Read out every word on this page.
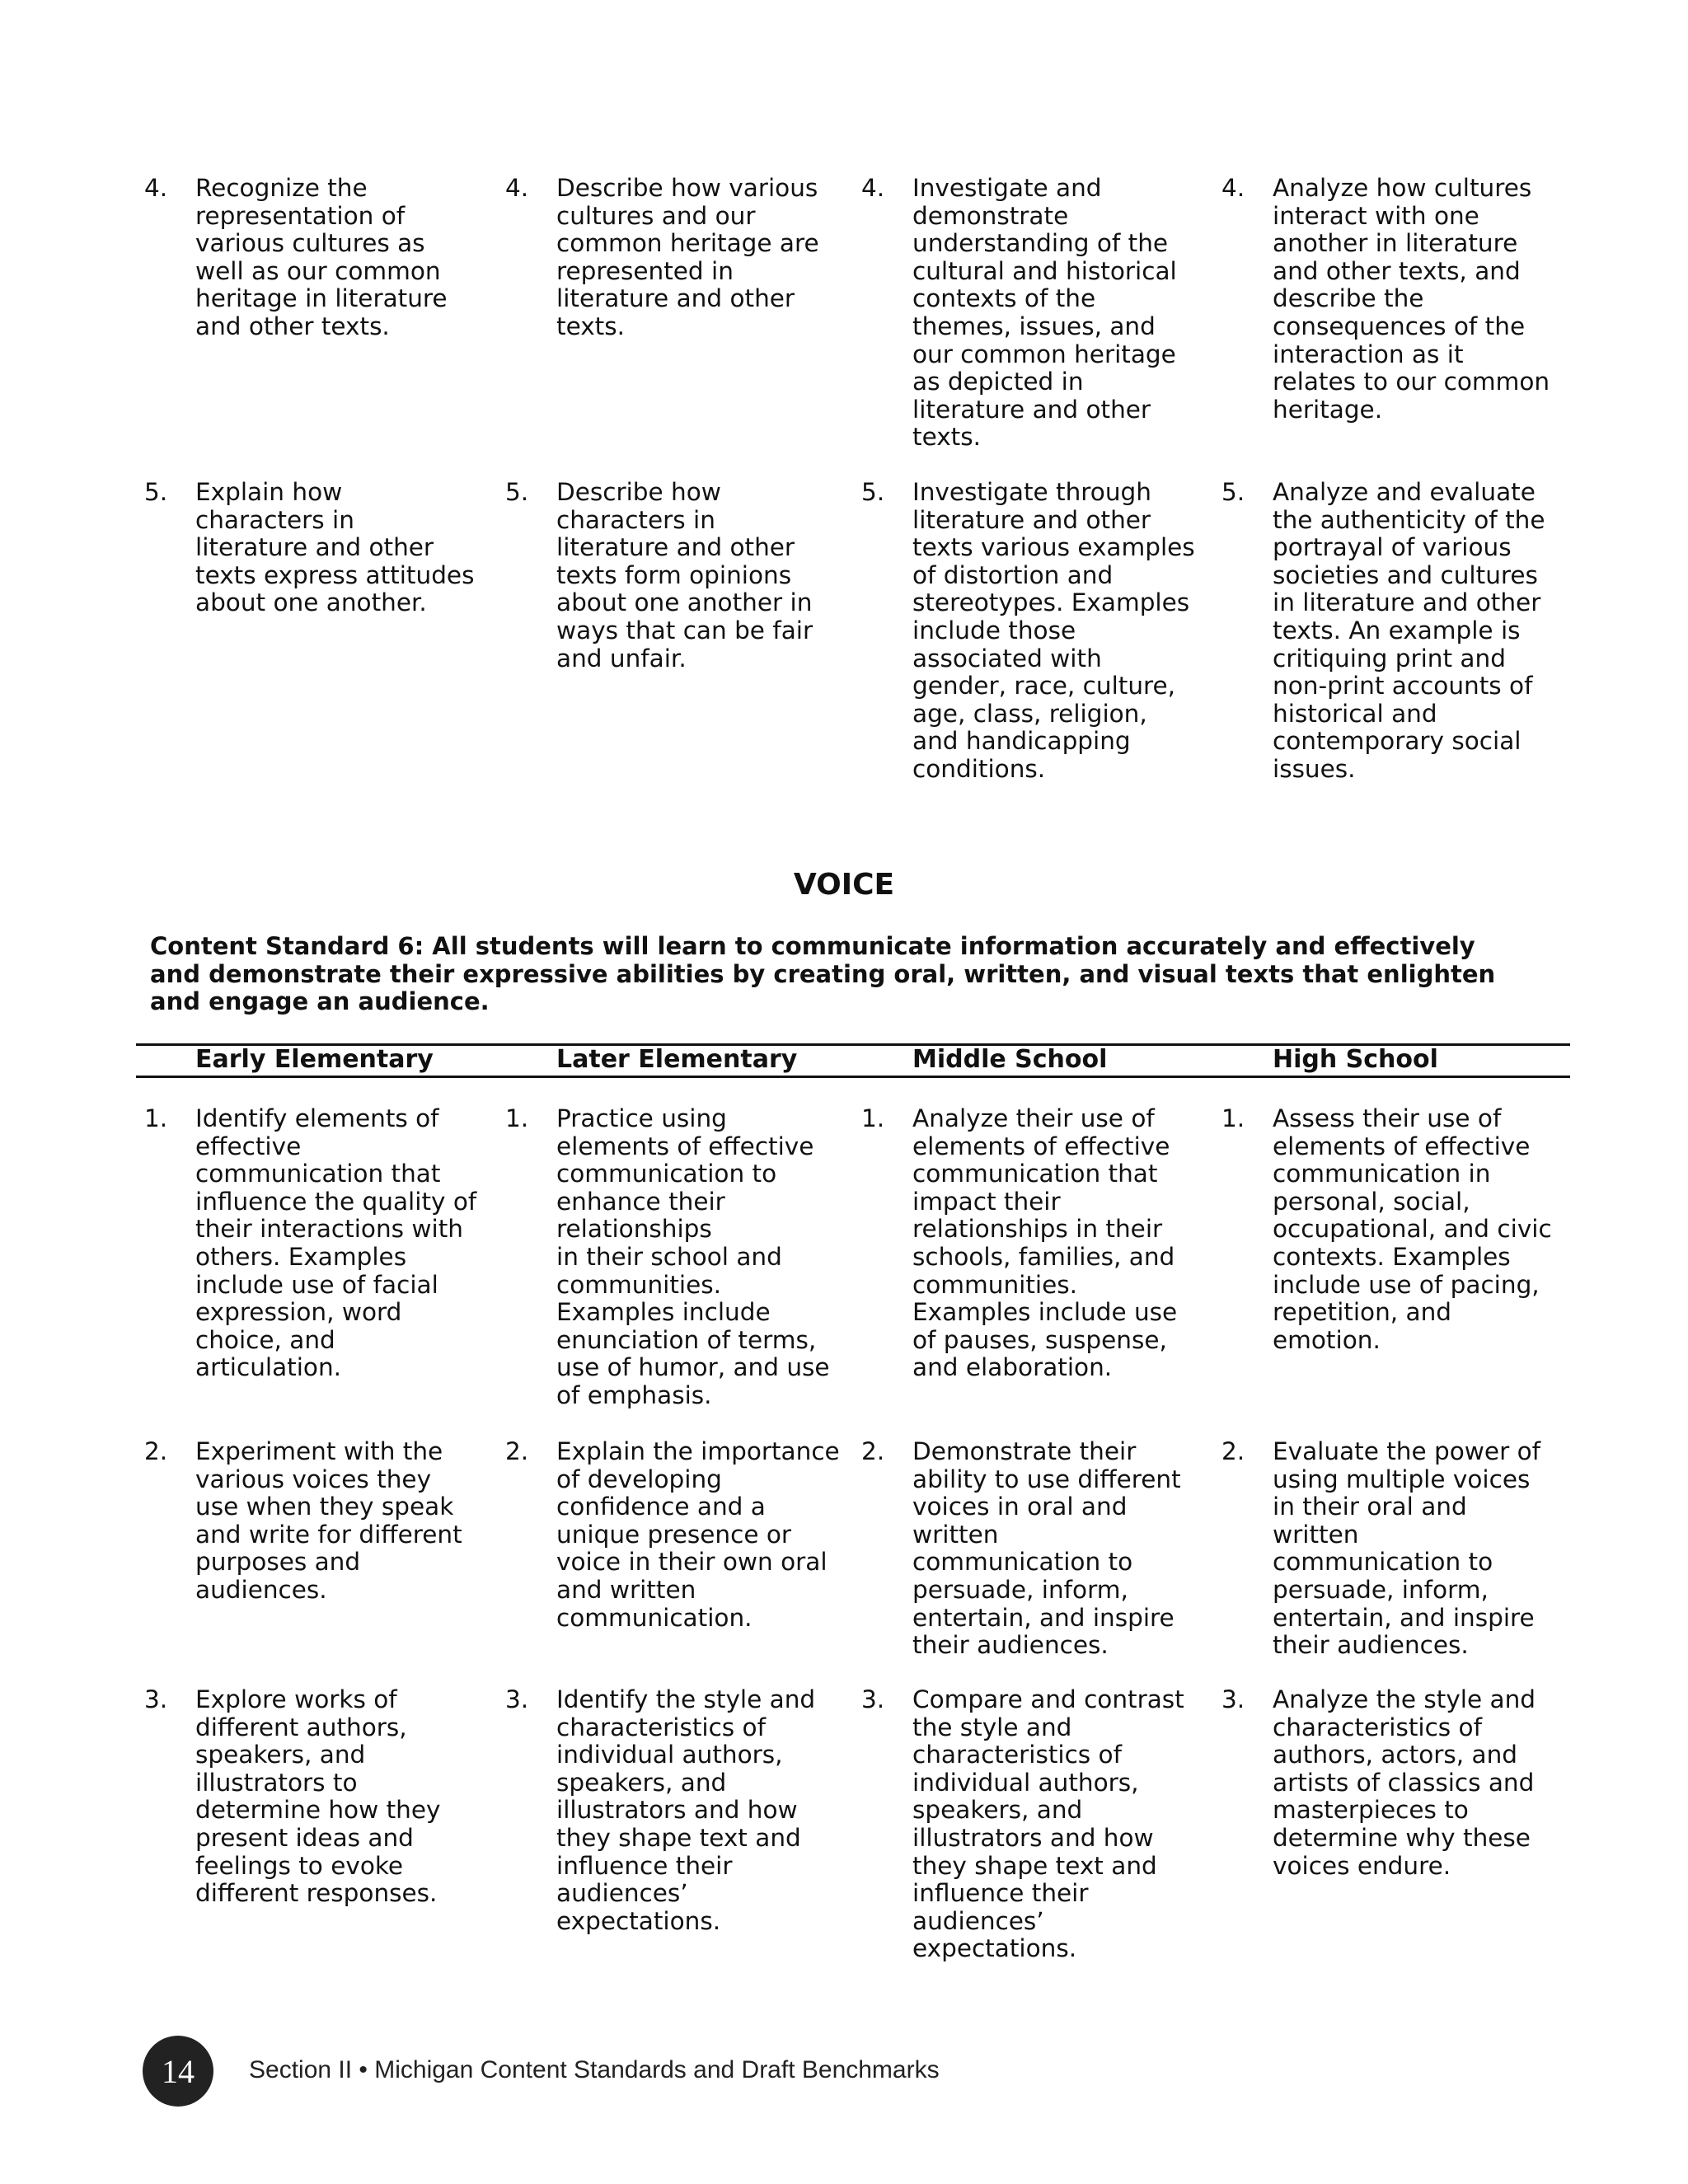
4.	Recognize the
representation of
various cultures as
well as our common
heritage in literature
and other texts.
4.	Describe how various
cultures and our
common heritage are
represented in
literature and other
texts.
4.	Investigate and
demonstrate
understanding of the
cultural and historical
contexts of the
themes, issues, and
our common heritage
as depicted in
literature and other
texts.
4.	Analyze how cultures
interact with one
another in literature
and other texts, and
describe the
consequences of the
interaction as it
relates to our common
heritage.
5.	Explain how
characters in
literature and other
texts express attitudes
about one another.
5.	Describe how
characters in
literature and other
texts form opinions
about one another in
ways that can be fair
and unfair.
5.	Investigate through
literature and other
texts various examples
of distortion and
stereotypes. Examples
include those
associated with
gender, race, culture,
age, class, religion,
and handicapping
conditions.
5.	Analyze and evaluate
the authenticity of the
portrayal of various
societies and cultures
in literature and other
texts. An example is
critiquing print and
non-print accounts of
historical and
contemporary social
issues.
VOICE
Content Standard 6: All students will learn to communicate information accurately and effectively
and demonstrate their expressive abilities by creating oral, written, and visual texts that enlighten
and engage an audience.
Early Elementary	Later Elementary	Middle School	High School
1.	Identify elements of
effective
communication that
influence the quality of
their interactions with
others. Examples
include use of facial
expression, word
choice, and
articulation.
1.	Practice using
elements of effective
communication to
enhance their
relationships
in their school and
communities.
Examples include
enunciation of terms,
use of humor, and use
of emphasis.
1.	Analyze their use of
elements of effective
communication that
impact their
relationships in their
schools, families, and
communities.
Examples include use
of pauses, suspense,
and elaboration.
1.	Assess their use of
elements of effective
communication in
personal, social,
occupational, and civic
contexts. Examples
include use of pacing,
repetition, and
emotion.
2.	Experiment with the
various voices they
use when they speak
and write for different
purposes and
audiences.
2.	Explain the importance
of developing
confidence and a
unique presence or
voice in their own oral
and written
communication.
2.	Demonstrate their
ability to use different
voices in oral and
written
communication to
persuade, inform,
entertain, and inspire
their audiences.
2.	Evaluate the power of
using multiple voices
in their oral and
written
communication to
persuade, inform,
entertain, and inspire
their audiences.
3.	Explore works of
different authors,
speakers, and
illustrators to
determine how they
present ideas and
feelings to evoke
different responses.
3.	Identify the style and
characteristics of
individual authors,
speakers, and
illustrators and how
they shape text and
influence their
audiences’
expectations.
3.	Compare and contrast
the style and
characteristics of
individual authors,
speakers, and
illustrators and how
they shape text and
influence their
audiences’
expectations.
3.	Analyze the style and
characteristics of
authors, actors, and
artists of classics and
masterpieces to
determine why these
voices endure.
14 Section II • Michigan Content Standards and Draft Benchmarks
